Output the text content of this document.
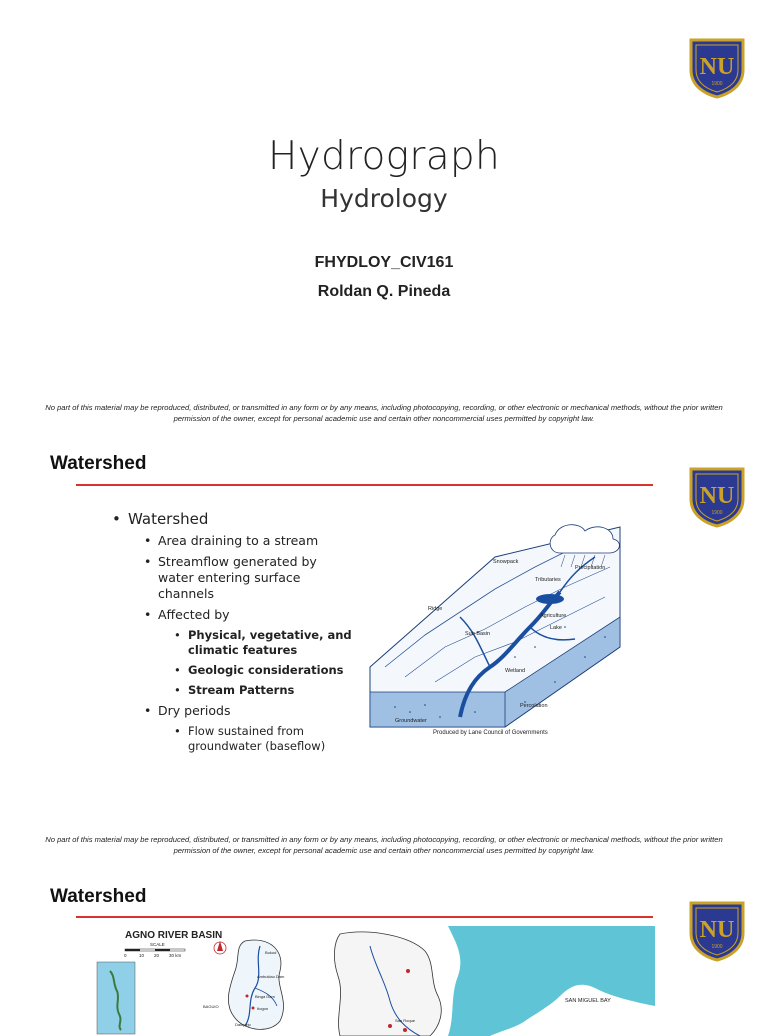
NU
1900
Hydrograph
Hydrology
FHYDLOY_CIV161
Roldan Q. Pineda
No part of this material may be reproduced, distributed, or transmitted in any form or by any means, including photocopying, recording, or other electronic or mechanical methods, without the prior written permission of the owner, except for personal academic use and certain other noncommercial uses permitted by copyright law.
Watershed
NU
1900
• Watershed
• Area draining to a stream
• Streamflow generated by water entering surface channels
• Affected by
• Physical, vegetative, and climatic features
• Geologic considerations
• Stream Patterns
• Dry periods
• Flow sustained from groundwater (baseflow)
Snowpack
Precipitation
Tributaries
Ridge
Sub Basin
Agriculture
Lake
Wetland
Percolation
Groundwater
Produced by Lane Council of Governments
No part of this material may be reproduced, distributed, or transmitted in any form or by any means, including photocopying, recording, or other electronic or mechanical methods, without the prior written permission of the owner, except for personal academic use and certain other noncommercial uses permitted by copyright law.
Watershed
NU
1900
AGNO RIVER BASIN
SCALE
0	10 20 30 km
Bokod
Ambuklao Dam
Binga Dam
Itogon
BAGUIO
Dalupirip
San Roque
SAN MIGUEL BAY
